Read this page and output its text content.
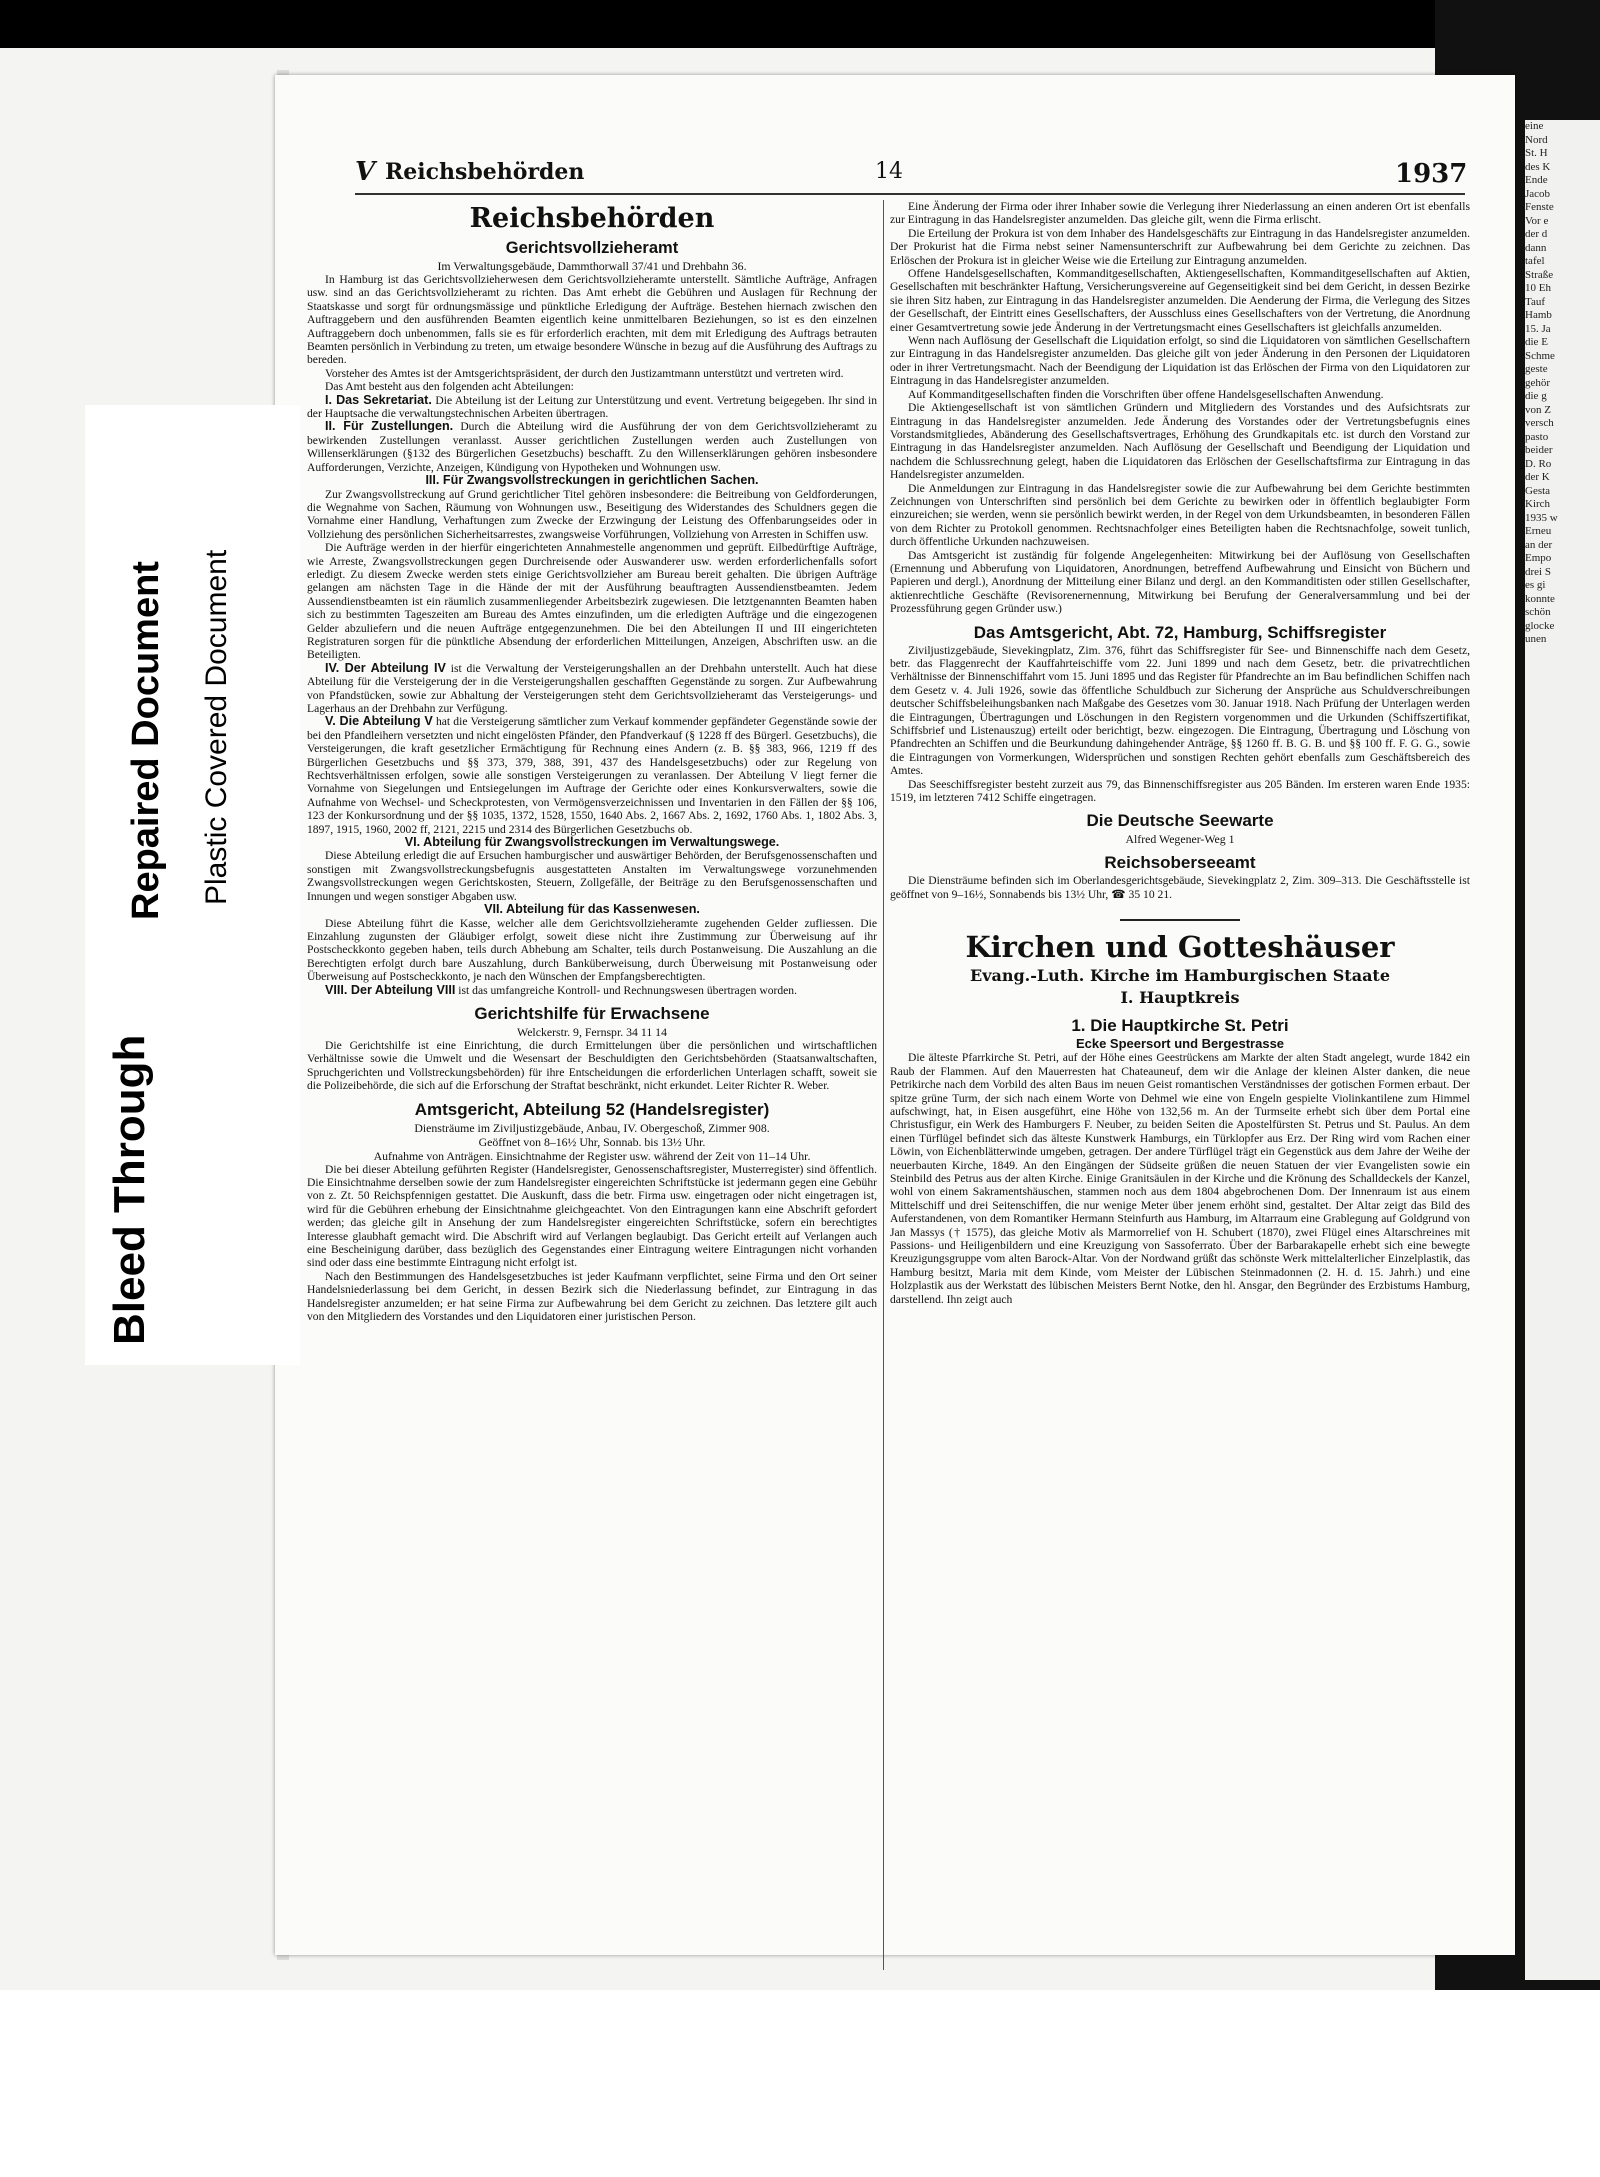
eine
Nord
St. H
des K
Ende
Jacob
Fenste
Vor e
der d
dann
tafel
Straße
10 Eh
Tauf
Hamb
15. Ja
die E
Schme
geste
gehör
die g
von Z
versch
pasto
beider
D. Ro
der K
Gesta
Kirch
1935 w
Erneu
an der
Empo
drei S
es gi
konnte
schön
glocke
unen
V Reichsbehörden	14	1937
Reichsbehörden
Gerichtsvollzieheramt
Im Verwaltungsgebäude, Dammthorwall 37/41 und Drehbahn 36.

In Hamburg ist das Gerichtsvollzieherwesen dem Gerichtsvollzieheramte unterstellt. Sämtliche Aufträge, Anfragen usw. sind an das Gerichtsvollzieheramt zu richten. Das Amt erhebt die Gebühren und Auslagen für Rechnung der Staatskasse und sorgt für ordnungsmässige und pünktliche Erledigung der Aufträge. Bestehen hiernach zwischen den Auftraggebern und den ausführenden Beamten eigentlich keine unmittelbaren Beziehungen, so ist es den einzelnen Auftraggebern doch unbenommen, falls sie es für erforderlich erachten, mit dem mit Erledigung des Auftrags betrauten Beamten persönlich in Verbindung zu treten, um etwaige besondere Wünsche in bezug auf die Ausführung des Auftrags zu bereden.

Vorsteher des Amtes ist der Amtsgerichtspräsident, der durch den Justizamtmann unterstützt und vertreten wird.

Das Amt besteht aus den folgenden acht Abteilungen:

I. Das Sekretariat. Die Abteilung ist der Leitung zur Unterstützung und event. Vertretung beigegeben. Ihr sind in der Hauptsache die verwaltungstechnischen Arbeiten übertragen.

II. Für Zustellungen. Durch die Abteilung wird die Ausführung der von dem Gerichtsvollzieheramt zu bewirkenden Zustellungen veranlasst. Ausser gerichtlichen Zustellungen werden auch Zustellungen von Willenserklärungen (§132 des Bürgerlichen Gesetzbuchs) beschafft. Zu den Willenserklärungen gehören insbesondere Aufforderungen, Verzichte, Anzeigen, Kündigung von Hypotheken und Wohnungen usw.

III. Für Zwangsvollstreckungen in gerichtlichen Sachen.

Zur Zwangsvollstreckung auf Grund gerichtlicher Titel gehören insbesondere: die Beitreibung von Geldforderungen, die Wegnahme von Sachen, Räumung von Wohnungen usw., Beseitigung des Widerstandes des Schuldners gegen die Vornahme einer Handlung, Verhaftungen zum Zwecke der Erzwingung der Leistung des Offenbarungseides oder in Vollziehung des persönlichen Sicherheitsarrestes, zwangsweise Vorführungen, Vollziehung von Arresten in Schiffen usw.

Die Aufträge werden in der hierfür eingerichteten Annahmestelle angenommen und geprüft. Eilbedürftige Aufträge, wie Arreste, Zwangsvollstreckungen gegen Durchreisende oder Auswanderer usw. werden erforderlichenfalls sofort erledigt. Zu diesem Zwecke werden stets einige Gerichtsvollzieher am Bureau bereit gehalten. Die übrigen Aufträge gelangen am nächsten Tage in die Hände der mit der Ausführung beauftragten Aussendienstbeamten. Jedem Aussendienstbeamten ist ein räumlich zusammenliegender Arbeitsbezirk zugewiesen. Die letztgenannten Beamten haben sich zu bestimmten Tageszeiten am Bureau des Amtes einzufinden, um die erledigten Aufträge und die eingezogenen Gelder abzuliefern und die neuen Aufträge entgegenzunehmen. Die bei den Abteilungen II und III eingerichteten Registraturen sorgen für die pünktliche Absendung der erforderlichen Mitteilungen, Anzeigen, Abschriften usw. an die Beteiligten.

IV. Der Abteilung IV ist die Verwaltung der Versteigerungshallen an der Drehbahn unterstellt. Auch hat diese Abteilung für die Versteigerung der in die Versteigerungshallen geschafften Gegenstände zu sorgen. Zur Aufbewahrung von Pfandstücken, sowie zur Abhaltung der Versteigerungen steht dem Gerichtsvollzieheramt das Versteigerungs- und Lagerhaus an der Drehbahn zur Verfügung.

V. Die Abteilung V hat die Versteigerung sämtlicher zum Verkauf kommender gepfändeter Gegenstände sowie der bei den Pfandleihern versetzten und nicht eingelösten Pfänder, den Pfandverkauf (§ 1228 ff des Bürgerl. Gesetzbuchs), die Versteigerungen, die kraft gesetzlicher Ermächtigung für Rechnung eines Andern (z. B. §§ 383, 966, 1219 ff des Bürgerlichen Gesetzbuchs und §§ 373, 379, 388, 391, 437 des Handelsgesetzbuchs) oder zur Regelung von Rechtsverhältnissen erfolgen, sowie alle sonstigen Versteigerungen zu veranlassen. Der Abteilung V liegt ferner die Vornahme von Siegelungen und Entsiegelungen im Auftrage der Gerichte oder eines Konkursverwalters, sowie die Aufnahme von Wechsel- und Scheckprotesten, von Vermögensverzeichnissen und Inventarien in den Fällen der §§ 106, 123 der Konkursordnung und der §§ 1035, 1372, 1528, 1550, 1640 Abs. 2, 1667 Abs. 2, 1692, 1760 Abs. 1, 1802 Abs. 3, 1897, 1915, 1960, 2002 ff, 2121, 2215 und 2314 des Bürgerlichen Gesetzbuchs ob.

VI. Abteilung für Zwangsvollstreckungen im Verwaltungswege.

Diese Abteilung erledigt die auf Ersuchen hamburgischer und auswärtiger Behörden, der Berufsgenossenschaften und sonstigen mit Zwangsvollstreckungsbefugnis ausgestatteten Anstalten im Verwaltungswege vorzunehmenden Zwangsvollstreckungen wegen Gerichtskosten, Steuern, Zollgefälle, der Beiträge zu den Berufsgenossenschaften und Innungen und wegen sonstiger Abgaben usw.

VII. Abteilung für das Kassenwesen.

Diese Abteilung führt die Kasse, welcher alle dem Gerichtsvollzieheramte zugehenden Gelder zufliessen. Die Einzahlung zugunsten der Gläubiger erfolgt, soweit diese nicht ihre Zustimmung zur Überweisung auf ihr Postscheckkonto gegeben haben, teils durch Abhebung am Schalter, teils durch Postanweisung. Die Auszahlung an die Berechtigten erfolgt durch bare Auszahlung, durch Banküberweisung, durch Überweisung mit Postanweisung oder Überweisung auf Postscheckkonto, je nach den Wünschen der Empfangsberechtigten.

VIII. Der Abteilung VIII ist das umfangreiche Kontroll- und Rechnungswesen übertragen worden.

Gerichtshilfe für Erwachsene
Welckerstr. 9, Fernspr. 34 11 14

Die Gerichtshilfe ist eine Einrichtung, die durch Ermittelungen über die persönlichen und wirtschaftlichen Verhältnisse sowie die Umwelt und die Wesensart der Beschuldigten den Gerichtsbehörden (Staatsanwaltschaften, Spruchgerichten und Vollstreckungsbehörden) für ihre Entscheidungen die erforderlichen Unterlagen schafft, soweit sie die Polizeibehörde, die sich auf die Erforschung der Straftat beschränkt, nicht erkundet. Leiter Richter R. Weber.

Amtsgericht, Abteilung 52 (Handelsregister)
Diensträume im Ziviljustizgebäude, Anbau, IV. Obergeschoß, Zimmer 908.
Geöffnet von 8–16½ Uhr, Sonnab. bis 13½ Uhr.
Aufnahme von Anträgen. Einsichtnahme der Register usw. während der Zeit von 11–14 Uhr.

Die bei dieser Abteilung geführten Register (Handelsregister, Genossenschaftsregister, Musterregister) sind öffentlich. Die Einsichtnahme derselben sowie der zum Handelsregister eingereichten Schriftstücke ist jedermann gegen eine Gebühr von z. Zt. 50 Reichspfennigen gestattet. Die Auskunft, dass die betr. Firma usw. eingetragen oder nicht eingetragen ist, wird für die Gebühren erhebung der Einsichtnahme gleichgeachtet. Von den Eintragungen kann eine Abschrift gefordert werden; das gleiche gilt in Ansehung der zum Handelsregister eingereichten Schriftstücke, sofern ein berechtigtes Interesse glaubhaft gemacht wird. Die Abschrift wird auf Verlangen beglaubigt. Das Gericht erteilt auf Verlangen auch eine Bescheinigung darüber, dass bezüglich des Gegenstandes einer Eintragung weitere Eintragungen nicht vorhanden sind oder dass eine bestimmte Eintragung nicht erfolgt ist.

Nach den Bestimmungen des Handelsgesetzbuches ist jeder Kaufmann verpflichtet, seine Firma und den Ort seiner Handelsniederlassung bei dem Gericht, in dessen Bezirk sich die Niederlassung befindet, zur Eintragung in das Handelsregister anzumelden; er hat seine Firma zur Aufbewahrung bei dem Gericht zu zeichnen. Das letztere gilt auch von den Mitgliedern des Vorstandes und den Liquidatoren einer juristischen Person.

Eine Änderung der Firma oder ihrer Inhaber sowie die Verlegung ihrer Niederlassung an einen anderen Ort ist ebenfalls zur Eintragung in das Handelsregister anzumelden. Das gleiche gilt, wenn die Firma erlischt.

Die Erteilung der Prokura ist von dem Inhaber des Handelsgeschäfts zur Eintragung in das Handelsregister anzumelden. Der Prokurist hat die Firma nebst seiner Namensunterschrift zur Aufbewahrung bei dem Gerichte zu zeichnen. Das Erlöschen der Prokura ist in gleicher Weise wie die Erteilung zur Eintragung anzumelden.

Offene Handelsgesellschaften, Kommanditgesellschaften, Aktiengesellschaften, Kommanditgesellschaften auf Aktien, Gesellschaften mit beschränkter Haftung, Versicherungsvereine auf Gegenseitigkeit sind bei dem Gericht, in dessen Bezirke sie ihren Sitz haben, zur Eintragung in das Handelsregister anzumelden. Die Aenderung der Firma, die Verlegung des Sitzes der Gesellschaft, der Eintritt eines Gesellschafters, der Ausschluss eines Gesellschafters von der Vertretung, die Anordnung einer Gesamtvertretung sowie jede Änderung in der Vertretungsmacht eines Gesellschafters ist gleichfalls anzumelden.

Wenn nach Auflösung der Gesellschaft die Liquidation erfolgt, so sind die Liquidatoren von sämtlichen Gesellschaftern zur Eintragung in das Handelsregister anzumelden. Das gleiche gilt von jeder Änderung in den Personen der Liquidatoren oder in ihrer Vertretungsmacht. Nach der Beendigung der Liquidation ist das Erlöschen der Firma von den Liquidatoren zur Eintragung in das Handelsregister anzumelden.

Auf Kommanditgesellschaften finden die Vorschriften über offene Handelsgesellschaften Anwendung.

Die Aktiengesellschaft ist von sämtlichen Gründern und Mitgliedern des Vorstandes und des Aufsichtsrats zur Eintragung in das Handelsregister anzumelden. Jede Änderung des Vorstandes oder der Vertretungsbefugnis eines Vorstandsmitgliedes, Abänderung des Gesellschaftsvertrages, Erhöhung des Grundkapitals etc. ist durch den Vorstand zur Eintragung in das Handelsregister anzumelden. Nach Auflösung der Gesellschaft und Beendigung der Liquidation und nachdem die Schlussrechnung gelegt, haben die Liquidatoren das Erlöschen der Gesellschaftsfirma zur Eintragung in das Handelsregister anzumelden.

Die Anmeldungen zur Eintragung in das Handelsregister sowie die zur Aufbewahrung bei dem Gerichte bestimmten Zeichnungen von Unterschriften sind persönlich bei dem Gerichte zu bewirken oder in öffentlich beglaubigter Form einzureichen; sie werden, wenn sie persönlich bewirkt werden, in der Regel von dem Urkundsbeamten, in besonderen Fällen von dem Richter zu Protokoll genommen. Rechtsnachfolger eines Beteiligten haben die Rechtsnachfolge, soweit tunlich, durch öffentliche Urkunden nachzuweisen.

Das Amtsgericht ist zuständig für folgende Angelegenheiten: Mitwirkung bei der Auflösung von Gesellschaften (Ernennung und Abberufung von Liquidatoren, Anordnungen, betreffend Aufbewahrung und Einsicht von Büchern und Papieren und dergl.), Anordnung der Mitteilung einer Bilanz und dergl. an den Kommanditisten oder stillen Gesellschafter, aktienrechtliche Geschäfte (Revisorenernennung, Mitwirkung bei Berufung der Generalversammlung und bei der Prozessführung gegen Gründer usw.)

Das Amtsgericht, Abt. 72, Hamburg, Schiffsregister

Ziviljustizgebäude, Sievekingplatz, Zim. 376, führt das Schiffsregister für See- und Binnenschiffe nach dem Gesetz, betr. das Flaggenrecht der Kauffahrteischiffe vom 22. Juni 1899 und nach dem Gesetz, betr. die privatrechtlichen Verhältnisse der Binnenschiffahrt vom 15. Juni 1895 und das Register für Pfandrechte an im Bau befindlichen Schiffen nach dem Gesetz v. 4. Juli 1926, sowie das öffentliche Schuldbuch zur Sicherung der Ansprüche aus Schuldverschreibungen deutscher Schiffsbeleihungsbanken nach Maßgabe des Gesetzes vom 30. Januar 1918. Nach Prüfung der Unterlagen werden die Eintragungen, Übertragungen und Löschungen in den Registern vorgenommen und die Urkunden (Schiffszertifikat, Schiffsbrief und Listenauszug) erteilt oder berichtigt, bezw. eingezogen. Die Eintragung, Übertragung und Löschung von Pfandrechten an Schiffen und die Beurkundung dahingehender Anträge, §§ 1260 ff. B. G. B. und §§ 100 ff. F. G. G., sowie die Eintragungen von Vormerkungen, Widersprüchen und sonstigen Rechten gehört ebenfalls zum Geschäftsbereich des Amtes.

Das Seeschiffsregister besteht zurzeit aus 79, das Binnenschiffsregister aus 205 Bänden. Im ersteren waren Ende 1935: 1519, im letzteren 7412 Schiffe eingetragen.

Die Deutsche Seewarte
Alfred Wegener-Weg 1
Reichsoberseeamt

Die Diensträume befinden sich im Oberlandesgerichtsgebäude, Sievekingplatz 2, Zim. 309–313. Die Geschäftsstelle ist geöffnet von 9–16½, Sonnabends bis 13½ Uhr, ☎ 35 10 21.

Kirchen und Gotteshäuser
Evang.-Luth. Kirche im Hamburgischen Staate
I. Hauptkreis
1. Die Hauptkirche St. Petri
Ecke Speersort und Bergestrasse

Die älteste Pfarrkirche St. Petri, auf der Höhe eines Geestrückens am Markte der alten Stadt angelegt, wurde 1842 ein Raub der Flammen. Auf den Mauerresten hat Chateauneuf, dem wir die Anlage der kleinen Alster danken, die neue Petrikirche nach dem Vorbild des alten Baus im neuen Geist romantischen Verständnisses der gotischen Formen erbaut. Der spitze grüne Turm, der sich nach einem Worte von Dehmel wie eine von Engeln gespielte Violinkantilene zum Himmel aufschwingt, hat, in Eisen ausgeführt, eine Höhe von 132,56 m. An der Turmseite erhebt sich über dem Portal eine Christusfigur, ein Werk des Hamburgers F. Neuber, zu beiden Seiten die Apostelfürsten St. Petrus und St. Paulus. An dem einen Türflügel befindet sich das älteste Kunstwerk Hamburgs, ein Türklopfer aus Erz. Der Ring wird vom Rachen einer Löwin, von Eichenblätterwinde umgeben, getragen. Der andere Türflügel trägt ein Gegenstück aus dem Jahre der Weihe der neuerbauten Kirche, 1849. An den Eingängen der Südseite grüßen die neuen Statuen der vier Evangelisten sowie ein Steinbild des Petrus aus der alten Kirche. Einige Granitsäulen in der Kirche und die Krönung des Schalldeckels der Kanzel, wohl von einem Sakramentshäuschen, stammen noch aus dem 1804 abgebrochenen Dom. Der Innenraum ist aus einem Mittelschiff und drei Seitenschiffen, die nur wenige Meter über jenem erhöht sind, gestaltet. Der Altar zeigt das Bild des Auferstandenen, von dem Romantiker Hermann Steinfurth aus Hamburg, im Altarraum eine Grablegung auf Goldgrund von Jan Massys († 1575), das gleiche Motiv als Marmorrelief von H. Schubert (1870), zwei Flügel eines Altarschreines mit Passions- und Heiligenbildern und eine Kreuzigung von Sassoferrato. Über der Barbarakapelle erhebt sich eine bewegte Kreuzigungsgruppe vom alten Barock-Altar. Von der Nordwand grüßt das schönste Werk mittelalterlicher Einzelplastik, das Hamburg besitzt, Maria mit dem Kinde, vom Meister der Lübischen Steinmadonnen (2. H. d. 15. Jahrh.) und eine Holzplastik aus der Werkstatt des lübischen Meisters Bernt Notke, den hl. Ansgar, den Begründer des Erzbistums Hamburg, darstellend. Ihn zeigt auch

Bleed Through
Repaired Document Plastic Covered Document
